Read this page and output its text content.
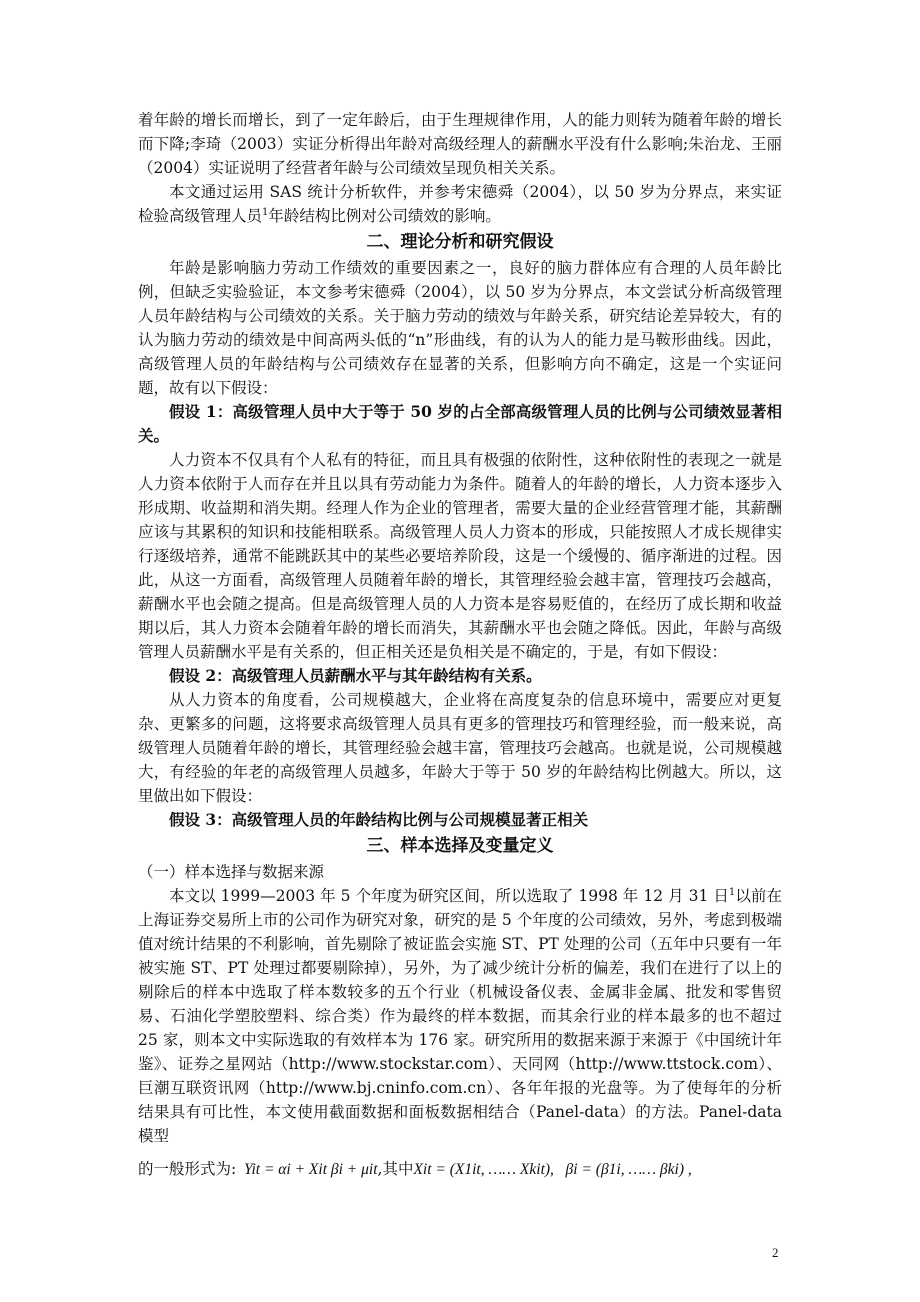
着年龄的增长而增长，到了一定年龄后，由于生理规律作用，人的能力则转为随着年龄的增长而下降;李琦（2003）实证分析得出年龄对高级经理人的薪酬水平没有什么影响;朱治龙、王丽（2004）实证说明了经营者年龄与公司绩效呈现负相关关系。

本文通过运用 SAS 统计分析软件，并参考宋德舜（2004），以 50 岁为分界点，来实证检验高级管理人员$^1$年龄结构比例对公司绩效的影响。

二、理论分析和研究假设

年龄是影响脑力劳动工作绩效的重要因素之一，良好的脑力群体应有合理的人员年龄比例，但缺乏实验验证，本文参考宋德舜（2004），以 50 岁为分界点，本文尝试分析高级管理人员年龄结构与公司绩效的关系。关于脑力劳动的绩效与年龄关系，研究结论差异较大，有的认为脑力劳动的绩效是中间高两头低的“n”形曲线，有的认为人的能力是马鞍形曲线。因此，高级管理人员的年龄结构与公司绩效存在显著的关系，但影响方向不确定，这是一个实证问题，故有以下假设：

假设 1：高级管理人员中大于等于 50 岁的占全部高级管理人员的比例与公司绩效显著相关。

人力资本不仅具有个人私有的特征，而且具有极强的依附性，这种依附性的表现之一就是人力资本依附于人而存在并且以具有劳动能力为条件。随着人的年龄的增长，人力资本逐步入形成期、收益期和消失期。经理人作为企业的管理者，需要大量的企业经营管理才能，其薪酬应该与其累积的知识和技能相联系。高级管理人员人力资本的形成，只能按照人才成长规律实行逐级培养，通常不能跳跃其中的某些必要培养阶段，这是一个缓慢的、循序渐进的过程。因此，从这一方面看，高级管理人员随着年龄的增长，其管理经验会越丰富，管理技巧会越高，薪酬水平也会随之提高。但是高级管理人员的人力资本是容易贬值的，在经历了成长期和收益期以后，其人力资本会随着年龄的增长而消失，其薪酬水平也会随之降低。因此，年龄与高级管理人员薪酬水平是有关系的，但正相关还是负相关是不确定的，于是，有如下假设：

假设 2：高级管理人员薪酬水平与其年龄结构有关系。

从人力资本的角度看，公司规模越大，企业将在高度复杂的信息环境中，需要应对更复杂、更繁多的问题，这将要求高级管理人员具有更多的管理技巧和管理经验，而一般来说，高级管理人员随着年龄的增长，其管理经验会越丰富，管理技巧会越高。也就是说，公司规模越大，有经验的年老的高级管理人员越多，年龄大于等于 50 岁的年龄结构比例越大。所以，这里做出如下假设：

假设 3：高级管理人员的年龄结构比例与公司规模显著正相关

三、样本选择及变量定义

（一）样本选择与数据来源

本文以 1999—2003 年 5 个年度为研究区间，所以选取了 1998 年 12 月 31 日$^1$以前在上海证券交易所上市的公司作为研究对象，研究的是 5 个年度的公司绩效，另外，考虑到极端值对统计结果的不利影响，首先剔除了被证监会实施 ST、PT 处理的公司（五年中只要有一年被实施 ST、PT 处理过都要剔除掉），另外，为了减少统计分析的偏差，我们在进行了以上的剔除后的样本中选取了样本数较多的五个行业（机械设备仪表、金属非金属、批发和零售贸易、石油化学塑胶塑料、综合类）作为最终的样本数据，而其余行业的样本最多的也不超过 25 家，则本文中实际选取的有效样本为 176 家。研究所用的数据来源于来源于《中国统计年鉴》、证券之星网站（http://www.stockstar.com）、天同网（http://www.ttstock.com）、巨潮互联资讯网（http://www.bj.cninfo.com.cn）、各年年报的光盘等。为了使每年的分析结果具有可比性，本文使用截面数据和面板数据相结合（Panel-data）的方法。Panel-data 模型

的一般形式为: Yit = αi + Xit βi + μit,其中Xit = (X1it, …… Xkit), βi = (β1i, …… βki) ,

2
